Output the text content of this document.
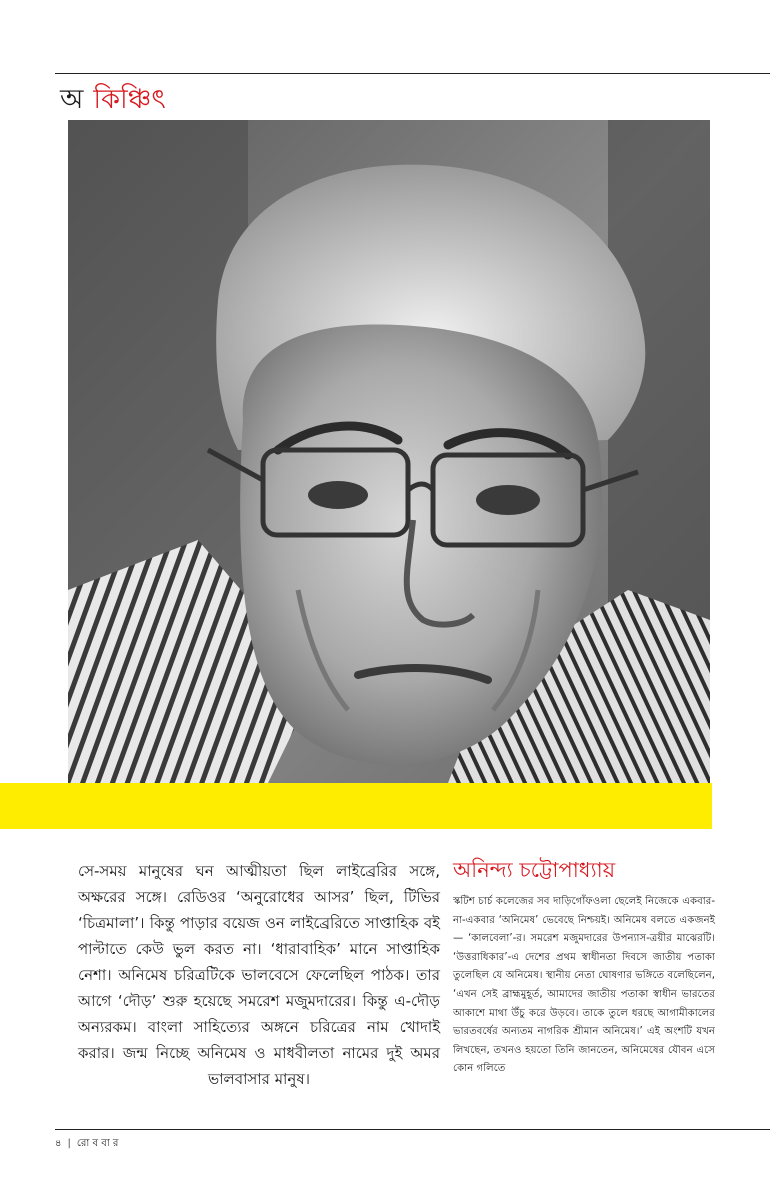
অ কিঞ্চিৎ
সে-সময় মানুষের ঘন আত্মীয়তা ছিল লাইব্রেরির সঙ্গে, অক্ষরের সঙ্গে। রেডিওর ‘অনুরোধের আসর’ ছিল, টিভির ‘চিত্রমালা’। কিন্তু পাড়ার বয়েজ ওন লাইব্রেরিতে সাপ্তাহিক বই পাল্টাতে কেউ ভুল করত না। ‘ধারাবাহিক’ মানে সাপ্তাহিক নেশা। অনিমেষ চরিত্রটিকে ভালবেসে ফেলেছিল পাঠক। তার আগে ‘দৌড়’ শুরু হয়েছে সমরেশ মজুমদারের। কিন্তু এ-দৌড় অন্যরকম। বাংলা সাহিত্যের অঙ্গনে চরিত্রের নাম খোদাই করার। জন্ম নিচ্ছে অনিমেষ ও মাধবীলতা নামের দুই অমর ভালবাসার মানুষ।
অনিন্দ্য চট্টোপাধ্যায়
স্কটিশ চার্চ কলেজের সব দাড়িগোঁফওলা ছেলেই নিজেকে একবার-না-একবার ‘অনিমেষ’ ভেবেছে নিশ্চয়ই। অনিমেষ বলতে একজনই— ‘কালবেলা’-র। সমরেশ মজুমদারের উপন্যাস-ত্রয়ীর মাঝেরটি। ‘উত্তরাধিকার’-এ দেশের প্রথম স্বাধীনতা দিবসে জাতীয় পতাকা তুলেছিল যে অনিমেষ। স্থানীয় নেতা ঘোষণার ভঙ্গিতে বলেছিলেন, ‘এখন সেই ব্রাহ্মমুহূর্ত, আমাদের জাতীয় পতাকা স্বাধীন ভারতের আকাশে মাথা উঁচু করে উড়বে। তাকে তুলে ধরছে আগামীকালের ভারতবর্ষের অন্যতম নাগরিক শ্রীমান অনিমেষ।’ এই অংশটি যখন লিখছেন, তখনও হয়তো তিনি জানতেন, অনিমেষের যৌবন এসে কোন গলিতে
৪ | রো ব বা র
